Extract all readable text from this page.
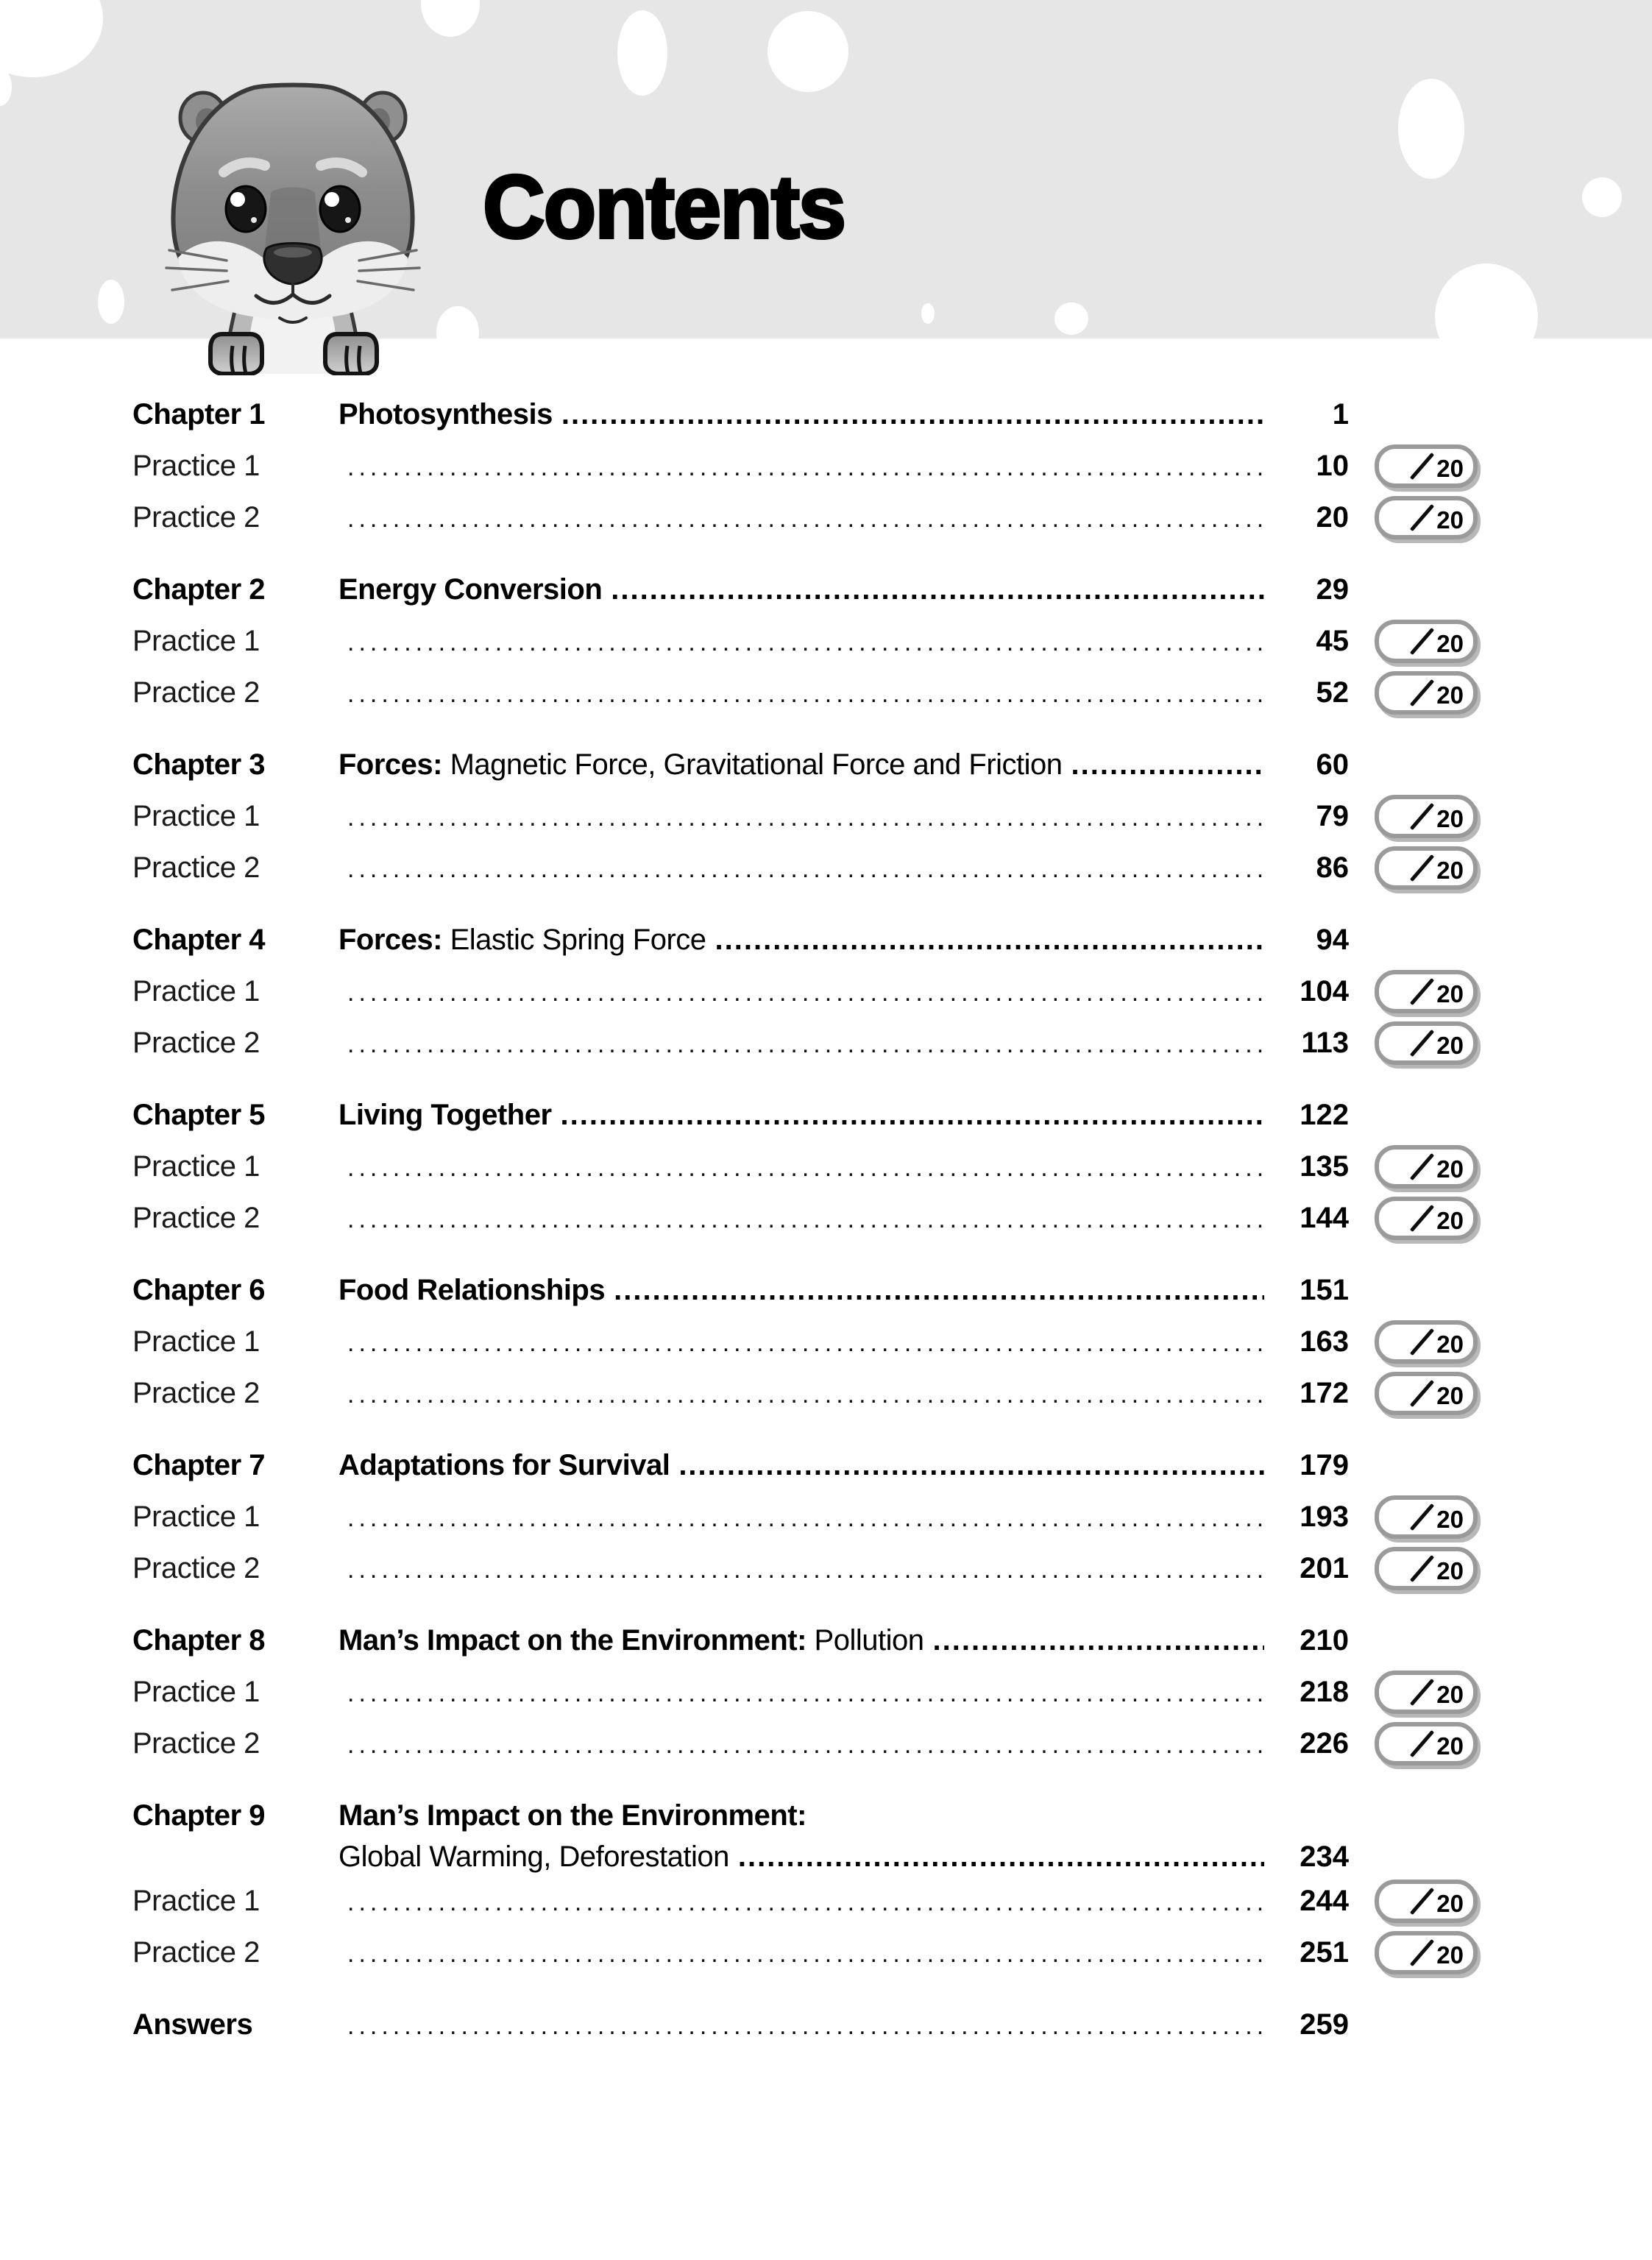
Contents
Chapter 1	Photosynthesis .....	1
Practice 1 .....	10	20
Practice 2 .....	20	20
Chapter 2	Energy Conversion .....	29
Practice 1 .....	45	20
Practice 2 .....	52	20
Chapter 3	Forces: Magnetic Force, Gravitational Force and Friction .....	60
Practice 1 .....	79	20
Practice 2 .....	86	20
Chapter 4	Forces: Elastic Spring Force .....	94
Practice 1 .....	104	20
Practice 2 .....	113	20
Chapter 5	Living Together .....	122
Practice 1 .....	135	20
Practice 2 .....	144	20
Chapter 6	Food Relationships .....	151
Practice 1 .....	163	20
Practice 2 .....	172	20
Chapter 7	Adaptations for Survival .....	179
Practice 1 .....	193	20
Practice 2 .....	201	20
Chapter 8	Man’s Impact on the Environment: Pollution .....	210
Practice 1 .....	218	20
Practice 2 .....	226	20
Chapter 9	Man’s Impact on the Environment:
Global Warming, Deforestation .....	234
Practice 1 .....	244	20
Practice 2 .....	251	20
Answers .....	259
